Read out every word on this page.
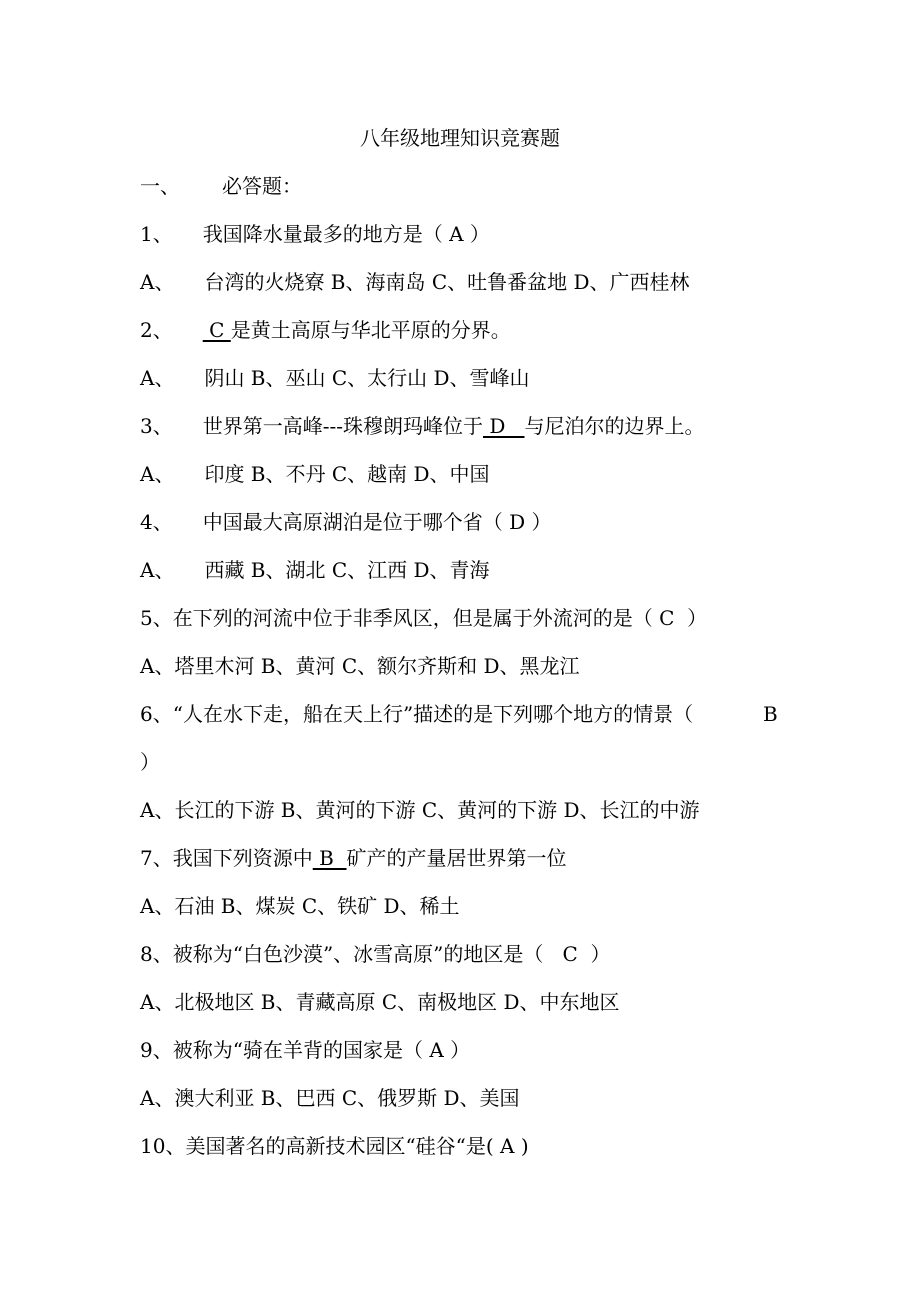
八年级地理知识竞赛题
一、 必答题：
1、 我国降水量最多的地方是（ A ）
A、 台湾的火烧寮 B、海南岛 C、吐鲁番盆地 D、广西桂林
2、 C 是黄土高原与华北平原的分界。
A、 阴山 B、巫山 C、太行山 D、雪峰山
3、 世界第一高峰---珠穆朗玛峰位于 D   与尼泊尔的边界上。
A、 印度 B、不丹 C、越南 D、中国
4、 中国最大高原湖泊是位于哪个省（ D ）
A、 西藏 B、湖北 C、江西 D、青海
5、在下列的河流中位于非季风区，但是属于外流河的是（ C  ）
A、塔里木河 B、黄河 C、额尔齐斯和 D、黑龙江
6、“人在水下走，船在天上行”描述的是下列哪个地方的情景（	B
）
A、长江的下游 B、黄河的下游 C、黄河的下游 D、长江的中游
7、我国下列资源中 B  矿产的产量居世界第一位
A、石油 B、煤炭 C、铁矿 D、稀土
8、被称为“白色沙漠”、冰雪高原”的地区是（   C  ）
A、北极地区 B、青藏高原 C、南极地区 D、中东地区
9、被称为“骑在羊背的国家是（ A ）
A、澳大利亚 B、巴西 C、俄罗斯 D、美国
10、美国著名的高新技术园区“硅谷“是( A )
